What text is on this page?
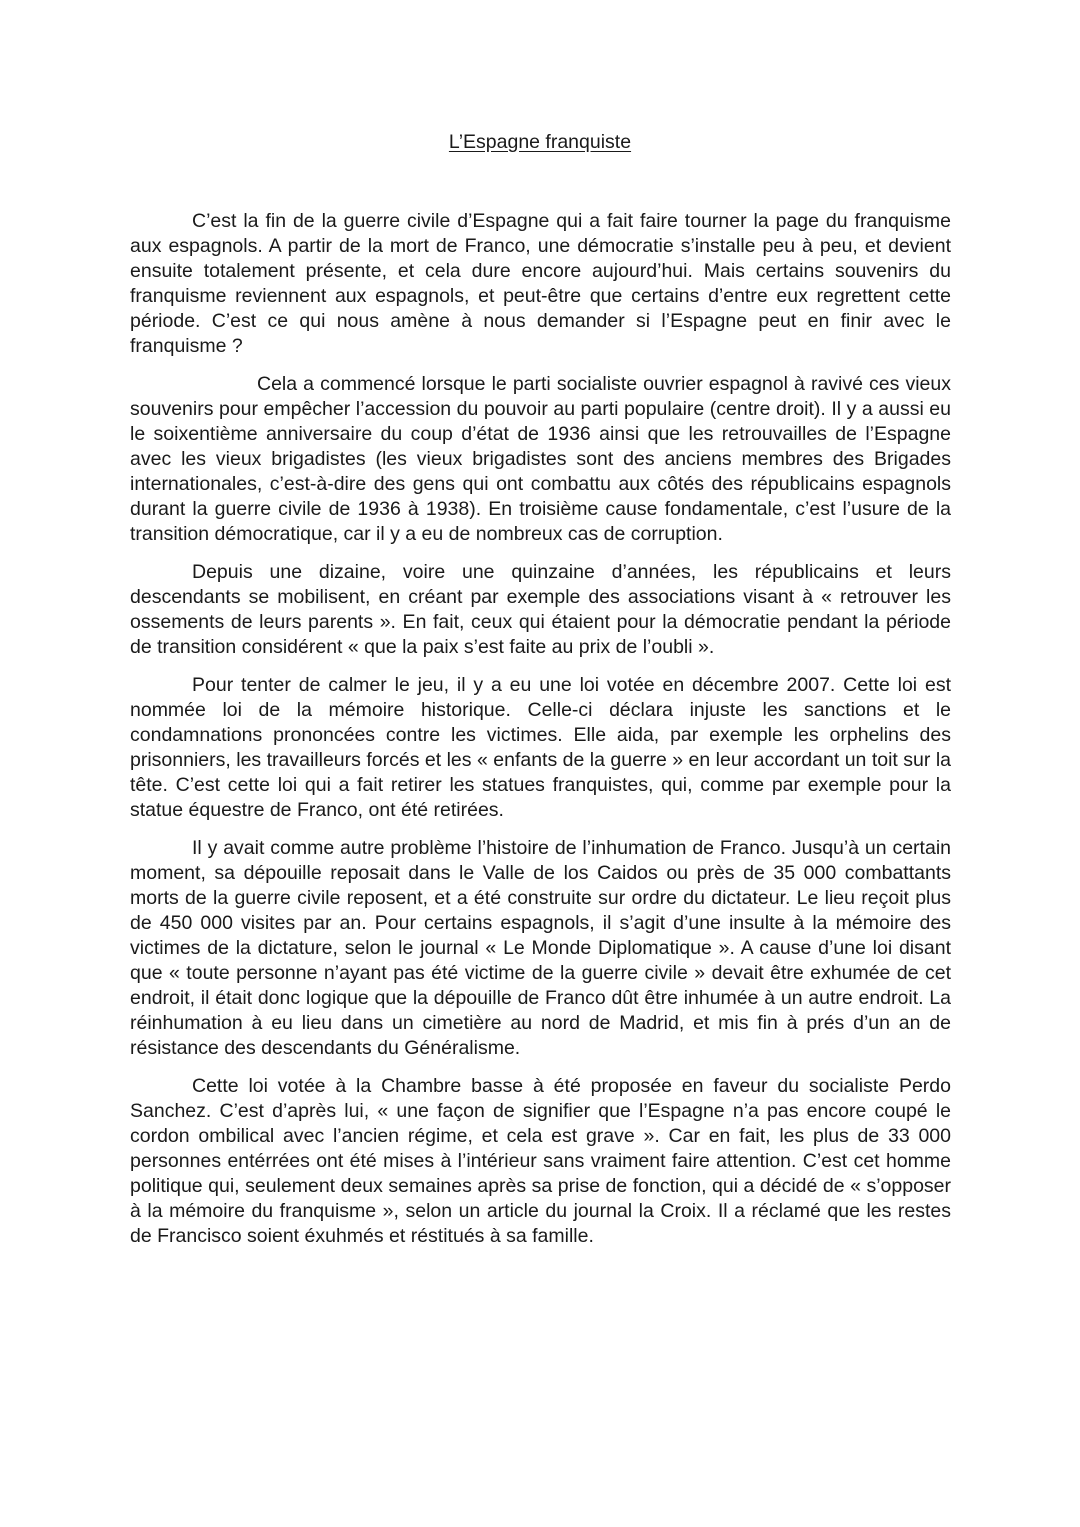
L’Espagne franquiste

C’est la fin de la guerre civile d’Espagne qui a fait faire tourner la page du franquisme aux espagnols. A partir de la mort de Franco, une démocratie s’installe peu à peu, et devient ensuite totalement présente, et cela dure encore aujourd’hui. Mais certains souvenirs du franquisme reviennent aux espagnols, et peut-être que certains d’entre eux regrettent cette période. C’est ce qui nous amène à nous demander si l’Espagne peut en finir avec le franquisme ?

Cela a commencé lorsque le parti socialiste ouvrier espagnol à ravivé ces vieux souvenirs pour empêcher l’accession du pouvoir au parti populaire (centre droit). Il y a aussi eu le soixentième anniversaire du coup d’état de 1936 ainsi que les retrouvailles de l’Espagne avec les vieux brigadistes (les vieux brigadistes sont des anciens membres des Brigades internationales, c’est-à-dire des gens qui ont combattu aux côtés des républicains espagnols durant la guerre civile de 1936 à 1938). En troisième cause fondamentale, c’est l’usure de la transition démocratique, car il y a eu de nombreux cas de corruption.

Depuis une dizaine, voire une quinzaine d’années, les républicains et leurs descendants se mobilisent, en créant par exemple des associations visant à « retrouver les ossements de leurs parents ». En fait, ceux qui étaient pour la démocratie pendant la période de transition considérent « que la paix s’est faite au prix de l’oubli ».

Pour tenter de calmer le jeu, il y a eu une loi votée en décembre 2007. Cette loi est nommée loi de la mémoire historique. Celle-ci déclara injuste les sanctions et le condamnations prononcées contre les victimes. Elle aida, par exemple les orphelins des prisonniers, les travailleurs forcés et les « enfants de la guerre » en leur accordant un toit sur la tête. C’est cette loi qui a fait retirer les statues franquistes, qui, comme par exemple pour la statue équestre de Franco, ont été retirées.

Il y avait comme autre problème l’histoire de l’inhumation de Franco. Jusqu’à un certain moment, sa dépouille reposait dans le Valle de los Caidos ou près de 35 000 combattants morts de la guerre civile reposent, et a été construite sur ordre du dictateur. Le lieu reçoit plus de 450 000 visites par an. Pour certains espagnols, il s’agit d’une insulte à la mémoire des victimes de la dictature, selon le journal « Le Monde Diplomatique ». A cause d’une loi disant que « toute personne n’ayant pas été victime de la guerre civile » devait être exhumée de cet endroit, il était donc logique que la dépouille de Franco dût être inhumée à un autre endroit. La réinhumation à eu lieu dans un cimetière au nord de Madrid, et mis fin à prés d’un an de résistance des descendants du Généralisme.

Cette loi votée à la Chambre basse à été proposée en faveur du socialiste Perdo Sanchez. C’est d’après lui, « une façon de signifier que l’Espagne n’a pas encore coupé le cordon ombilical avec l’ancien régime, et cela est grave ». Car en fait, les plus de 33 000 personnes entérrées ont été mises à l’intérieur sans vraiment faire attention. C’est cet homme politique qui, seulement deux semaines après sa prise de fonction, qui a décidé de « s’opposer à la mémoire du franquisme », selon un article du journal la Croix. Il a réclamé que les restes de Francisco soient éxuhmés et réstitués à sa famille.
